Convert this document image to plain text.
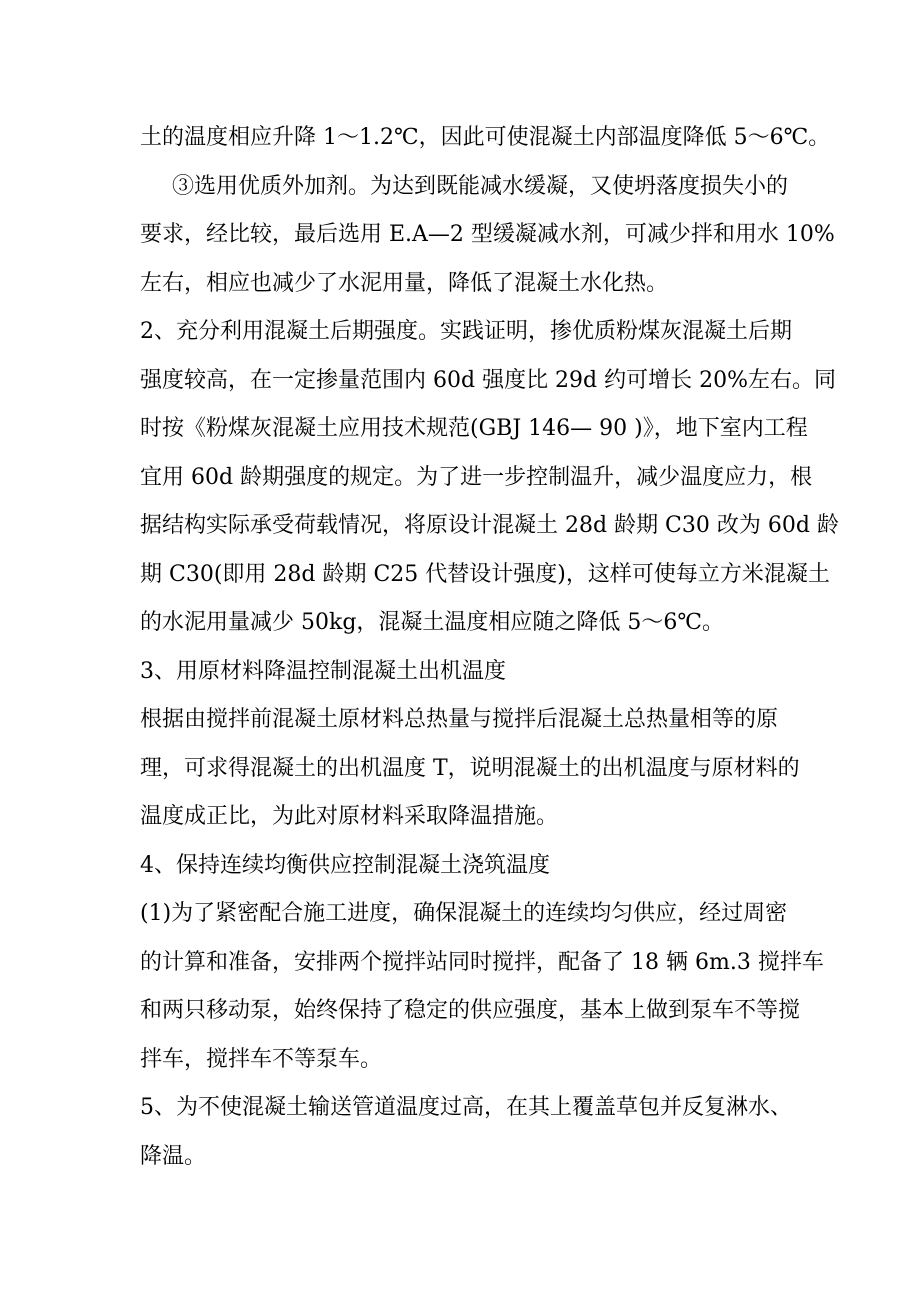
土的温度相应升降 1～1.2℃，因此可使混凝土内部温度降低 5～6℃。
③选用优质外加剂。为达到既能减水缓凝，又使坍落度损失小的
要求，经比较，最后选用 E.A—2 型缓凝减水剂，可减少拌和用水 10%
左右，相应也减少了水泥用量，降低了混凝土水化热。
2、充分利用混凝土后期强度。实践证明，掺优质粉煤灰混凝土后期
强度较高，在一定掺量范围内 60d 强度比 29d 约可增长 20%左右。同
时按《粉煤灰混凝土应用技术规范(GBJ 146— 90 )》，地下室内工程
宜用 60d 龄期强度的规定。为了进一步控制温升，减少温度应力，根
据结构实际承受荷载情况，将原设计混凝土 28d 龄期 C30 改为 60d 龄
期 C30(即用 28d 龄期 C25 代替设计强度)，这样可使每立方米混凝土
的水泥用量减少 50kg，混凝土温度相应随之降低 5～6℃。
3、用原材料降温控制混凝土出机温度
根据由搅拌前混凝土原材料总热量与搅拌后混凝土总热量相等的原
理，可求得混凝土的出机温度 T，说明混凝土的出机温度与原材料的
温度成正比，为此对原材料采取降温措施。
4、保持连续均衡供应控制混凝土浇筑温度
(1)为了紧密配合施工进度，确保混凝土的连续均匀供应，经过周密
的计算和准备，安排两个搅拌站同时搅拌，配备了 18 辆 6m.3 搅拌车
和两只移动泵，始终保持了稳定的供应强度，基本上做到泵车不等搅
拌车，搅拌车不等泵车。
5、为不使混凝土输送管道温度过高，在其上覆盖草包并反复淋水、
降温。
